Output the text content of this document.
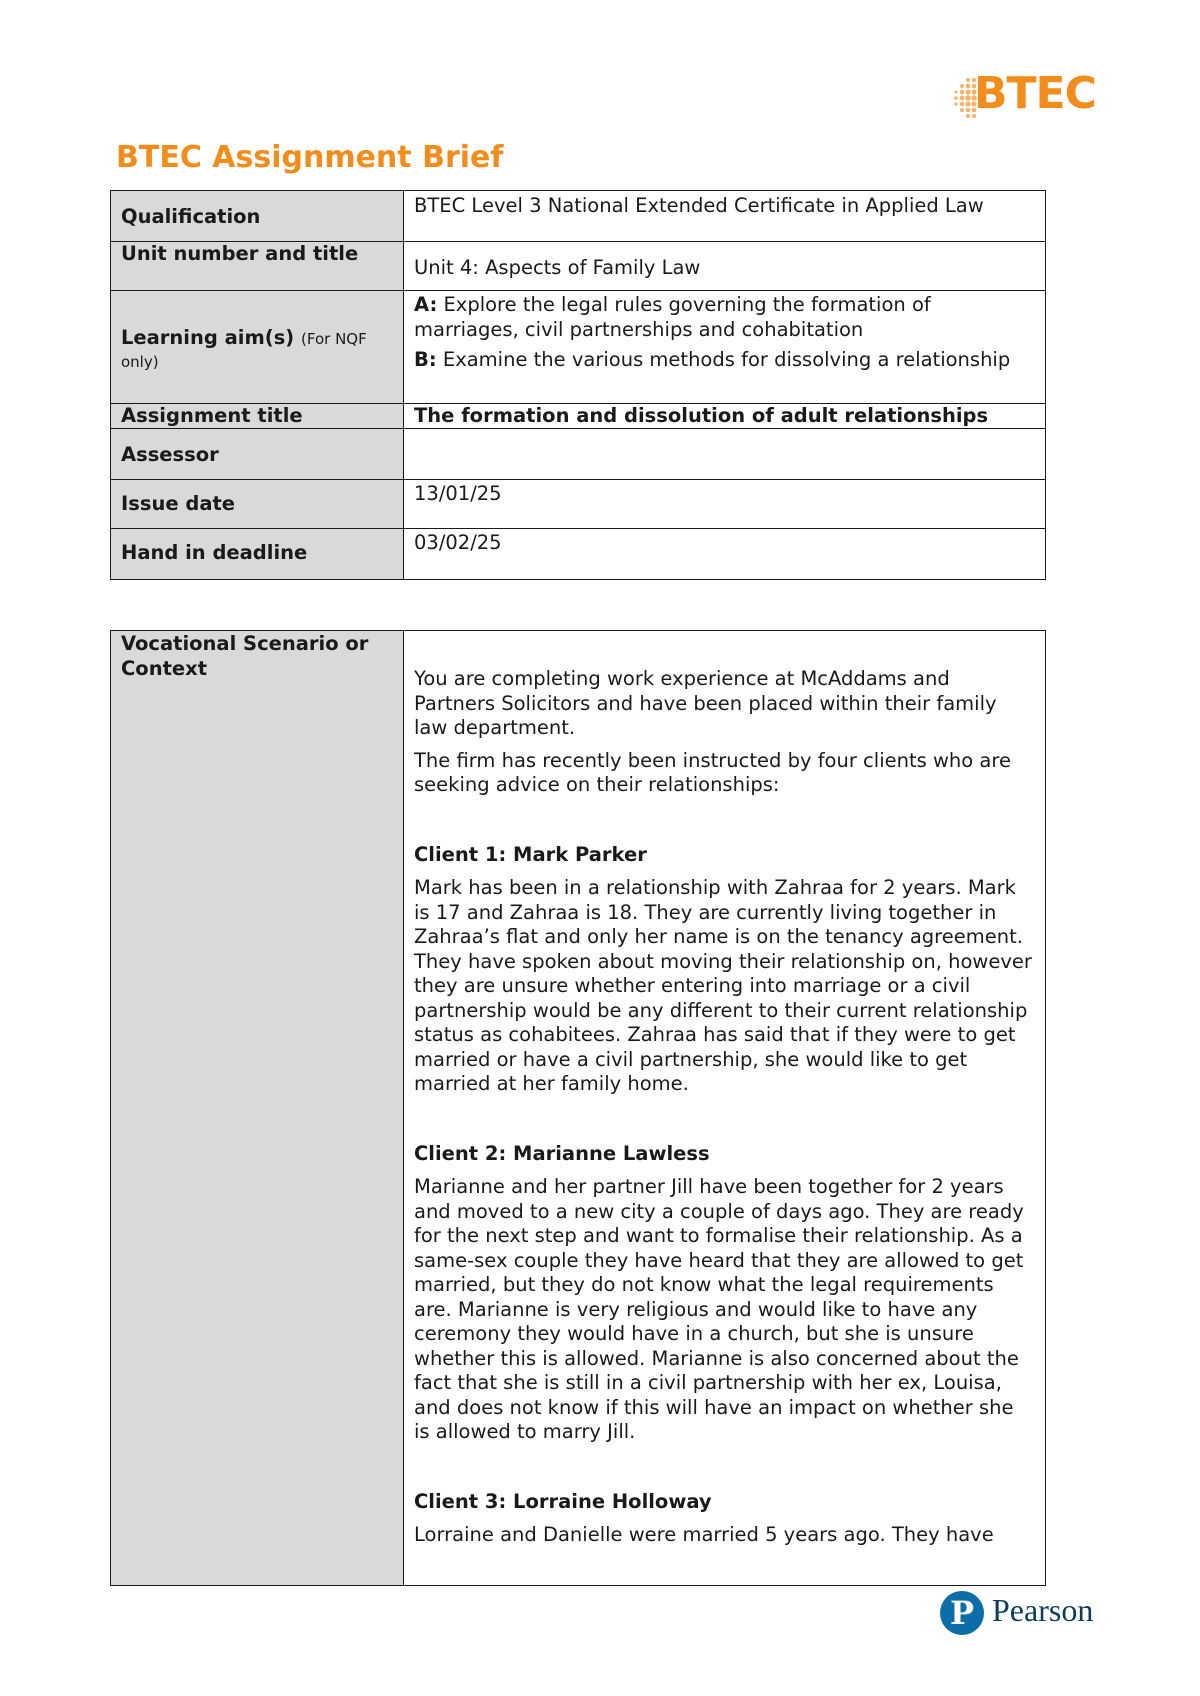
BTEC
BTEC Assignment Brief
Qualification	BTEC Level 3 National Extended Certificate in Applied Law

Unit number and title	Unit 4: Aspects of Family Law

Learning aim(s) (For NQF only)	A: Explore the legal rules governing the formation of marriages, civil partnerships and cohabitation

B: Examine the various methods for dissolving a relationship

Assignment title	The formation and dissolution of adult relationships

Assessor	

Issue date	13/01/25

Hand in deadline	03/02/25
Vocational Scenario or Context	You are completing work experience at McAddams and Partners Solicitors and have been placed within their family law department.

The firm has recently been instructed by four clients who are seeking advice on their relationships:

Client 1: Mark Parker

Mark has been in a relationship with Zahraa for 2 years. Mark is 17 and Zahraa is 18. They are currently living together in Zahraa’s flat and only her name is on the tenancy agreement. They have spoken about moving their relationship on, however they are unsure whether entering into marriage or a civil partnership would be any different to their current relationship status as cohabitees. Zahraa has said that if they were to get married or have a civil partnership, she would like to get married at her family home.

Client 2: Marianne Lawless

Marianne and her partner Jill have been together for 2 years and moved to a new city a couple of days ago. They are ready for the next step and want to formalise their relationship. As a same-sex couple they have heard that they are allowed to get married, but they do not know what the legal requirements are. Marianne is very religious and would like to have any ceremony they would have in a church, but she is unsure whether this is allowed. Marianne is also concerned about the fact that she is still in a civil partnership with her ex, Louisa, and does not know if this will have an impact on whether she is allowed to marry Jill.

Client 3: Lorraine Holloway

Lorraine and Danielle were married 5 years ago. They have

P Pearson
